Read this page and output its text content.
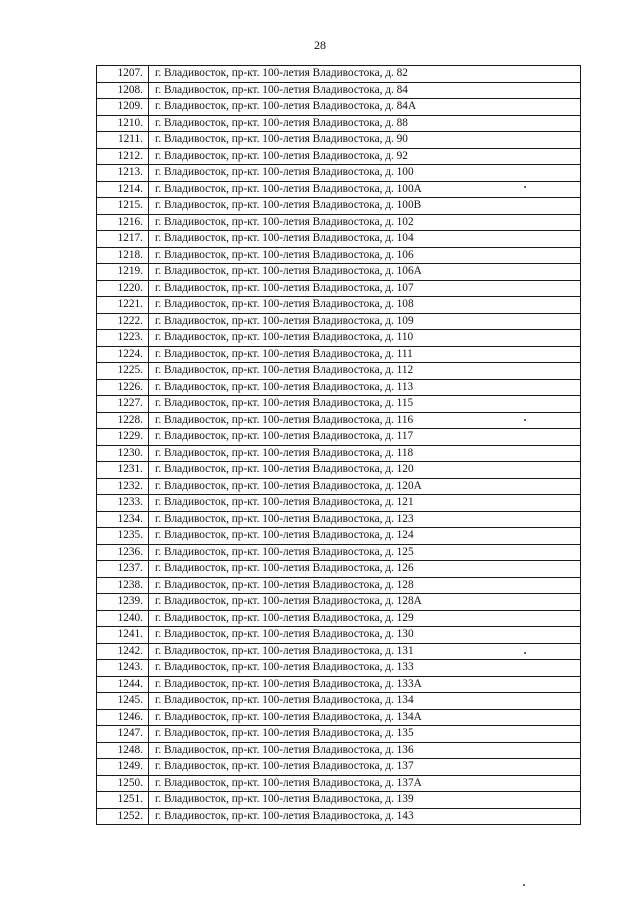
28
1207.	г. Владивосток, пр-кт. 100-летия Владивостока, д. 82
1208.	г. Владивосток, пр-кт. 100-летия Владивостока, д. 84
1209.	г. Владивосток, пр-кт. 100-летия Владивостока, д. 84А
1210.	г. Владивосток, пр-кт. 100-летия Владивостока, д. 88
1211.	г. Владивосток, пр-кт. 100-летия Владивостока, д. 90
1212.	г. Владивосток, пр-кт. 100-летия Владивостока, д. 92
1213.	г. Владивосток, пр-кт. 100-летия Владивостока, д. 100
1214.	г. Владивосток, пр-кт. 100-летия Владивостока, д. 100А
1215.	г. Владивосток, пр-кт. 100-летия Владивостока, д. 100В
1216.	г. Владивосток, пр-кт. 100-летия Владивостока, д. 102
1217.	г. Владивосток, пр-кт. 100-летия Владивостока, д. 104
1218.	г. Владивосток, пр-кт. 100-летия Владивостока, д. 106
1219.	г. Владивосток, пр-кт. 100-летия Владивостока, д. 106А
1220.	г. Владивосток, пр-кт. 100-летия Владивостока, д. 107
1221.	г. Владивосток, пр-кт. 100-летия Владивостока, д. 108
1222.	г. Владивосток, пр-кт. 100-летия Владивостока, д. 109
1223.	г. Владивосток, пр-кт. 100-летия Владивостока, д. 110
1224.	г. Владивосток, пр-кт. 100-летия Владивостока, д. 111
1225.	г. Владивосток, пр-кт. 100-летия Владивостока, д. 112
1226.	г. Владивосток, пр-кт. 100-летия Владивостока, д. 113
1227.	г. Владивосток, пр-кт. 100-летия Владивостока, д. 115
1228.	г. Владивосток, пр-кт. 100-летия Владивостока, д. 116
1229.	г. Владивосток, пр-кт. 100-летия Владивостока, д. 117
1230.	г. Владивосток, пр-кт. 100-летия Владивостока, д. 118
1231.	г. Владивосток, пр-кт. 100-летия Владивостока, д. 120
1232.	г. Владивосток, пр-кт. 100-летия Владивостока, д. 120А
1233.	г. Владивосток, пр-кт. 100-летия Владивостока, д. 121
1234.	г. Владивосток, пр-кт. 100-летия Владивостока, д. 123
1235.	г. Владивосток, пр-кт. 100-летия Владивостока, д. 124
1236.	г. Владивосток, пр-кт. 100-летия Владивостока, д. 125
1237.	г. Владивосток, пр-кт. 100-летия Владивостока, д. 126
1238.	г. Владивосток, пр-кт. 100-летия Владивостока, д. 128
1239.	г. Владивосток, пр-кт. 100-летия Владивостока, д. 128А
1240.	г. Владивосток, пр-кт. 100-летия Владивостока, д. 129
1241.	г. Владивосток, пр-кт. 100-летия Владивостока, д. 130
1242.	г. Владивосток, пр-кт. 100-летия Владивостока, д. 131
1243.	г. Владивосток, пр-кт. 100-летия Владивостока, д. 133
1244.	г. Владивосток, пр-кт. 100-летия Владивостока, д. 133А
1245.	г. Владивосток, пр-кт. 100-летия Владивостока, д. 134
1246.	г. Владивосток, пр-кт. 100-летия Владивостока, д. 134А
1247.	г. Владивосток, пр-кт. 100-летия Владивостока, д. 135
1248.	г. Владивосток, пр-кт. 100-летия Владивостока, д. 136
1249.	г. Владивосток, пр-кт. 100-летия Владивостока, д. 137
1250.	г. Владивосток, пр-кт. 100-летия Владивостока, д. 137А
1251.	г. Владивосток, пр-кт. 100-летия Владивостока, д. 139
1252.	г. Владивосток, пр-кт. 100-летия Владивостока, д. 143
